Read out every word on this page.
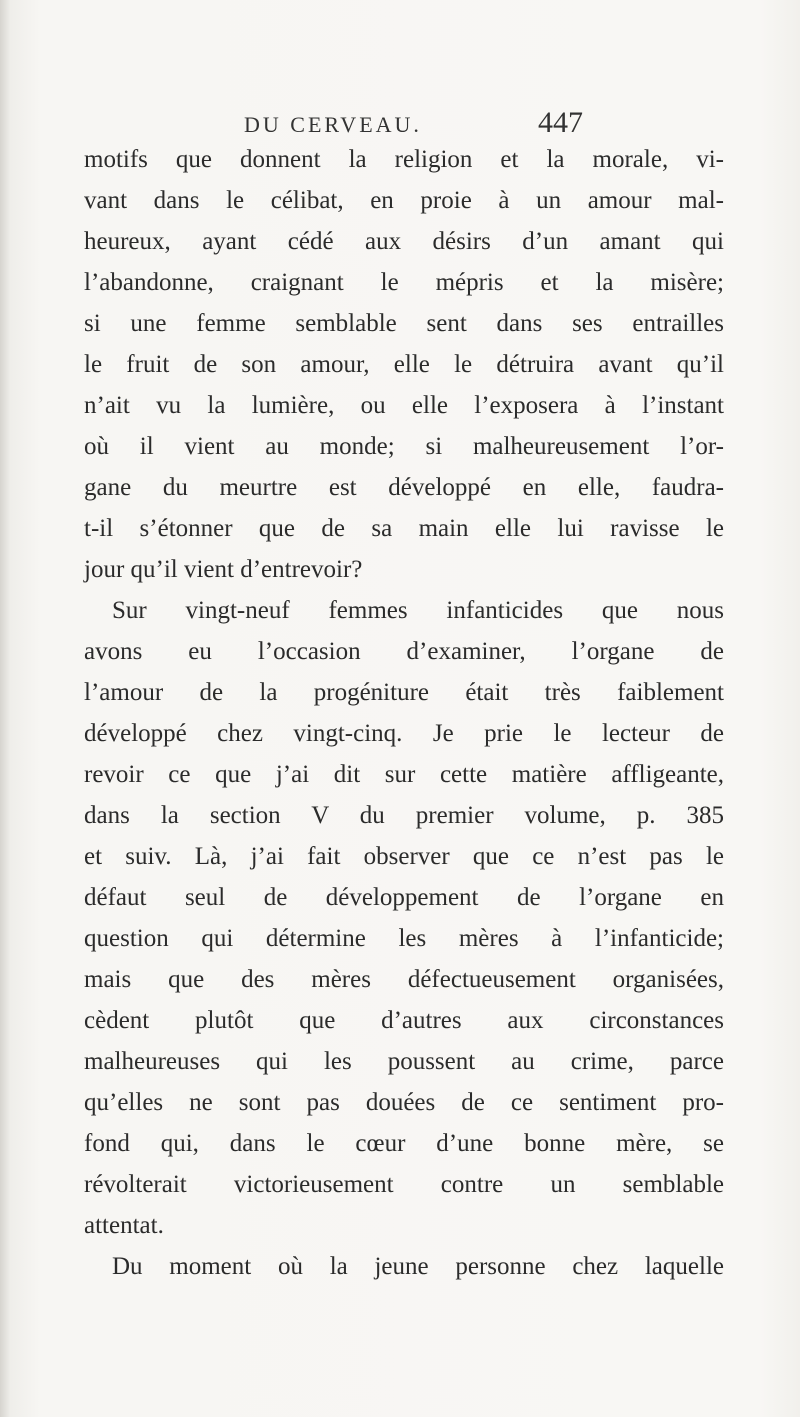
DU CERVEAU.	447
motifs que donnent la religion et la morale, vi-
vant dans le célibat, en proie à un amour mal-
heureux, ayant cédé aux désirs d’un amant qui
l’abandonne, craignant le mépris et la misère;
si une femme semblable sent dans ses entrailles
le fruit de son amour, elle le détruira avant qu’il
n’ait vu la lumière, ou elle l’exposera à l’instant
où il vient au monde; si malheureusement l’or-
gane du meurtre est développé en elle, faudra-
t-il s’étonner que de sa main elle lui ravisse le
jour qu’il vient d’entrevoir?
Sur vingt-neuf femmes infanticides que nous
avons eu l’occasion d’examiner, l’organe de
l’amour de la progéniture était très faiblement
développé chez vingt-cinq. Je prie le lecteur de
revoir ce que j’ai dit sur cette matière affligeante,
dans la section V du premier volume, p. 385
et suiv. Là, j’ai fait observer que ce n’est pas le
défaut seul de développement de l’organe en
question qui détermine les mères à l’infanticide;
mais que des mères défectueusement organisées,
cèdent plutôt que d’autres aux circonstances
malheureuses qui les poussent au crime, parce
qu’elles ne sont pas douées de ce sentiment pro-
fond qui, dans le cœur d’une bonne mère, se
révolterait victorieusement contre un semblable
attentat.
Du moment où la jeune personne chez laquelle
